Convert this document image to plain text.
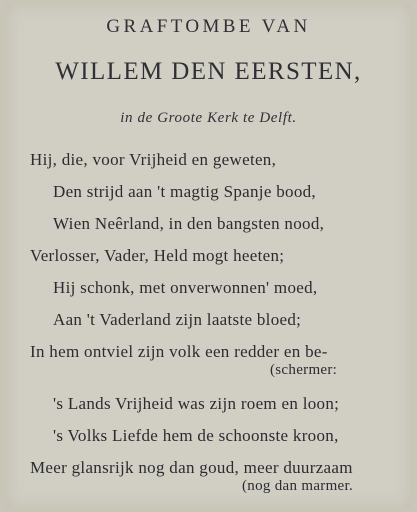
GRAFTOMBE VAN
WILLEM DEN EERSTEN,
in de Groote Kerk te Delft.
Hij, die, voor Vrijheid en geweten,
Den strijd aan 't magtig Spanje bood,
Wien Neêrland, in den bangsten nood,
Verlosser, Vader, Held mogt heeten;
Hij schonk, met onverwonnen' moed,
Aan 't Vaderland zijn laatste bloed;
In hem ontviel zijn volk een redder en be-
(schermer:
's Lands Vrijheid was zijn roem en loon;
's Volks Liefde hem de schoonste kroon,
Meer glansrijk nog dan goud, meer duurzaam
(nog dan marmer.
